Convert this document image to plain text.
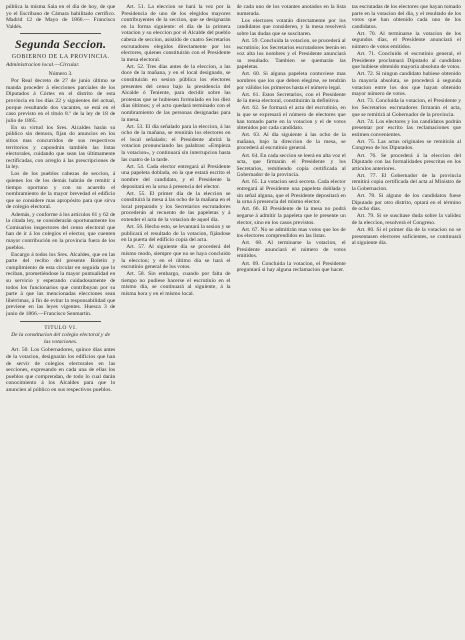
pública la misma Sala en el día de hoy, de que yo el Escribano de Cámara habilitado certifico. Madrid 12 de Mayo de 1866.— Francisco Valdés.

Segunda Seccion.
GOBIERNO DE LA PROVINCIA.
Administracion local.—Circular.
Número 3.

Por Real decreto de 27 de junio último se manda proceder á elecciones parciales de los Diputados á Córtes en el distrito de esta provincia en los días 22 y siguientes del actual, porque resultando dos vacantes, se está en el caso previsto en el título 8.º de la ley de 18 de julio de 1865.

En su virtud los Sres. Alcaldes harán su público sin demora, fijan do anuncios en los sitios mas concurridos de sus respectivos territorios y capondrán también las listas electorales, cuidando que sean las últimamente rectificadas, con arreglo á las prescripciones de la ley.

Los de los pueblos cabezas de seccion, á quienes los de los demás habrán de remitir á tiempo oportuno y con su acuerdo el nombramiento de la mayor brevedad el edificio que se considere mas apropósito para que sirva de colegio electoral.

Además, y conforme á los artículos 61 y 62 de la citada ley, se considerarán oportunamente los Comisarios inspectores del censo electoral que han de ir á los colegios el elector, que cuenten mayor contribución en la provincia fuera de los pueblos.

Encargo á todos los Sres. Alcaldes, que en las parte del recibo del presente Boletin y cumplimiento de esta circular en seguida que lo reciban, prometiéndose la mayor puntualidad en su servicio y esperando cuidadosamente de todos los funcionarios que contribuyan por su parte á que las mencionadas elecciones sean libérrimas, á fin de evitar la responsabilidad que previene en las leyes vigentes. Huesca 3 de junio de 1866.—Francisco Senmartin.

TITULO VI.
De la constitucion del colegio electoral y de las votaciones.

Art. 50. Los Gobernadores, quince días antes de la votacion, designarán los edificios que han de servir de colegios electorales en las secciones, expresando en cada una de ellas los pueblos que comprendan, de todo lo cual darán conocimiento á los Alcaldes para que lo anuncien al público en sus respectivos pueblos.

Art. 51. La eleccion se hará la vez por la Presidencia de uno de los elegidos mayores contribuyentes de la seccion, que se designarán en la forma siguiente: el día de la primera votacion y su eleccion por el Alcalde del pueblo cabeza de seccion, asistido de cuatro Secretarios escrutadores elegidos directamente por los electores, quienes constituirán con el Presidente la mesa electoral.

Art. 52. Tres días antes de la eleccion, a las doce de la mañana, y en el local designado, se constituirán en sesion pública los electores presentes del censo bajo la presidencia del Alcalde ó Teniente, para decidir sobre las protestas que se hubiesen formulado en los diez días últimos; y el acto quedará terminado con el nombramiento de las personas designadas para la mesa.

Art. 53. El día señalado para la eleccion, á las ocho de la mañana, se reunirán los electores en el local señalado; el Presidente abrirá la votacion pronunciando las palabras: «Empieza la votacion», y continuará sin interrupcion hasta las cuatro de la tarde.

Art. 54. Cada elector entregará al Presidente una papeleta doblada, en la que estará escrito el nombre del candidato, y el Presidente la depositará en la urna á presencia del elector.

Art. 55. El primer día de la eleccion se constituirá la mesa á las ocho de la mañana en el local preparado y los Secretarios escrutadores procederán al recuento de las papeletas y á extender el acta de la votacion de aquel día.

Art. 56. Hecho esto, se levantará la sesion y se publicará el resultado de la votacion, fijándose en la puerta del edificio copia del acta.

Art. 57. Al siguiente día se procederá del mismo modo, siempre que no se haya concluido la eleccion; y en el último día se hará el escrutinio general de los votos.

Art. 58. Sin embargo, cuando por falta de tiempo no pudiese hacerse el escrutinio en el mismo día, se continuará al siguiente, á la misma hora y en el mismo local.

de cada uno de los votantes anotados en la lista numerada.

Los electores votarán directamente por los candidatos que consideren, y la mesa resolverá sobre las dudas que se suscitaren.

Art. 59. Concluida la votacion, se procederá al escrutinio; los Secretarios escrutadores leerán en voz alta los nombres y el Presidente anunciará su resultado. Tambien se quemarán las papeletas.

Art. 60. Si alguna papeleta contuviese mas nombres que los que deben elegirse, se tendrán por válidos los primeros hasta el número legal.

Art. 61. Estos Secretarios, con el Presidente de la mesa electoral, constituirán la definitiva.

Art. 62. Se formará el acta del escrutinio, en la que se expresará el número de electores que han tomado parte en la votacion y el de votos obtenidos por cada candidato.

Art. 63. Al día siguiente á las ocho de la mañana, bajo la direccion de la mesa, se procederá al escrutinio general.

Art. 64. En cada seccion se leerá en alta voz el acta, que firmarán el Presidente y los Secretarios, remitiendo copia certificada al Gobernador de la provincia.

Art. 65. La votacion será secreta. Cada elector entregará al Presidente una papeleta doblada y sin señal alguna, que el Presidente depositará en la urna á presencia del mismo elector.

Art. 66. El Presidente de la mesa no podrá negarse á admitir la papeleta que le presente un elector, sino en los casos previstos.

Art. 67. No se admitirán mas votos que los de los electores comprendidos en las listas.

Art. 68. Al terminarse la votacion, el Presidente anunciará el número de votos emitidos.

Art. 69. Concluida la votacion, el Presidente preguntará si hay alguna reclamacion que hacer.

tas escrutadas de los electores que hayan tomado parte en la votacion del día, y el resultado de los votos que han obtenido cada uno de los candidatos.

Art. 70. Al terminarse la votacion de los segundos días, el Presidente anunciará el número de votos emitidos.

Art. 71. Concluido el escrutinio general, el Presidente proclamará Diputado al candidato que hubiese obtenido mayoría absoluta de votos.

Art. 72. Si ningun candidato hubiese obtenido la mayoría absoluta, se procederá á segunda votacion entre los dos que hayan obtenido mayor número de votos.

Art. 73. Concluida la votacion, el Presidente y los Secretarios escrutadores firmarán el acta, que se remitirá al Gobernador de la provincia.

Art. 74. Los electores y los candidatos podrán presentar por escrito las reclamaciones que estimen convenientes.

Art. 75. Las actas originales se remitirán al Congreso de los Diputados.

Art. 76. Se procederá á la eleccion del Diputado con las formalidades prescritas en los artículos anteriores.

Art. 77. El Gobernador de la provincia remitirá copia certificada del acta al Ministro de la Gobernacion.

Art. 78. Si alguno de los candidatos fuese Diputado por otro distrito, optará en el término de ocho días.

Art. 79. Si se suscitase duda sobre la validez de la eleccion, resolverá el Congreso.

Art. 80. Si el primer día de la votacion no se presentasen electores suficientes, se continuará al siguiente día.
